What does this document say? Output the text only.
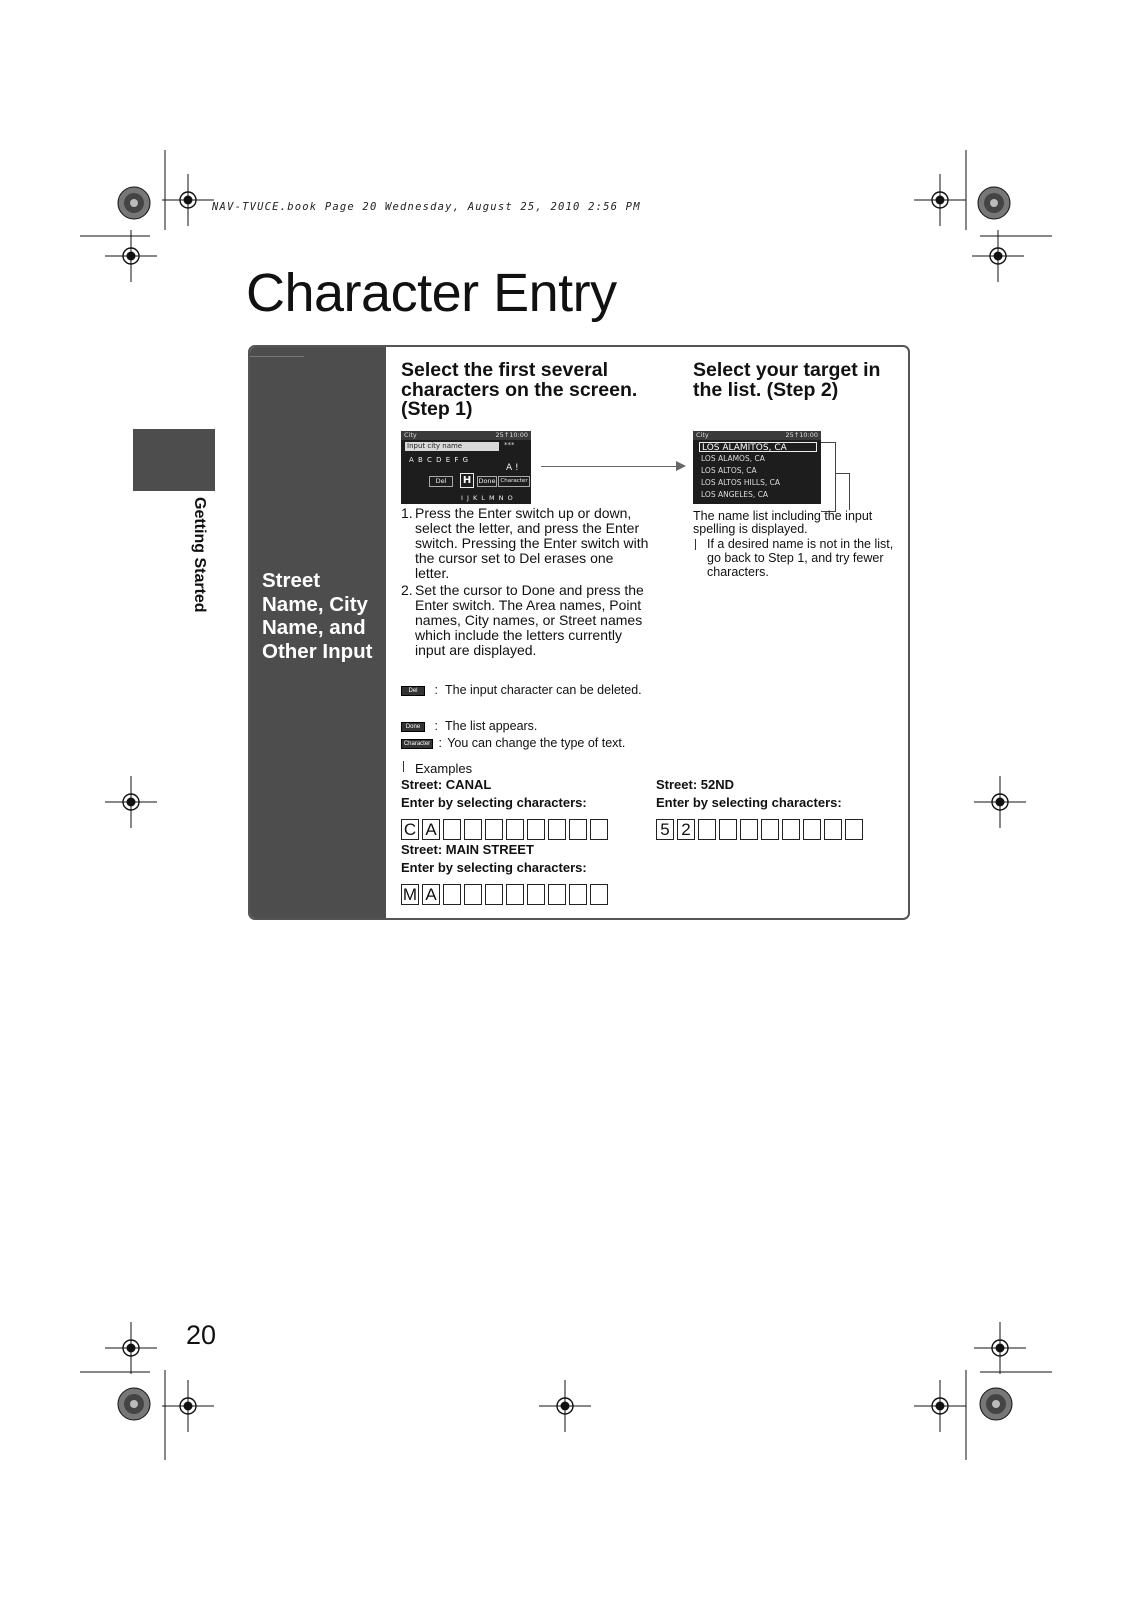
NAV-TVUCE.book Page 20 Wednesday, August 25, 2010 2:56 PM
Character Entry
Getting Started	Street Name, City Name, and Other Input
Select the first several characters on the screen. (Step 1)
City	25↑10:00
Input city name	***
A B C D E F G
A !
Del	H	Done Character
I J K L M N O
1. Press the Enter switch up or down, select the letter, and press the Enter switch. Pressing the Enter switch with the cursor set to Del erases one letter.
2. Set the cursor to Done and press the Enter switch. The Area names, Point names, City names, or Street names which include the letters currently input are displayed.
Del : The input character can be deleted.
Done : The list appears.
Character : You can change the type of text.
Select your target in the list. (Step 2)
City	25↑10:00
LOS ALAMITOS, CA
LOS ALAMOS, CA
LOS ALTOS, CA
LOS ALTOS HILLS, CA
LOS ANGELES, CA
The name list including the input spelling is displayed.
If a desired name is not in the list, go back to Step 1, and try fewer characters.
Examples
Street: CANAL
Enter by selecting characters:
C A
Street: 52ND
Enter by selecting characters:
5 2
Street: MAIN STREET
Enter by selecting characters:
M A
20
